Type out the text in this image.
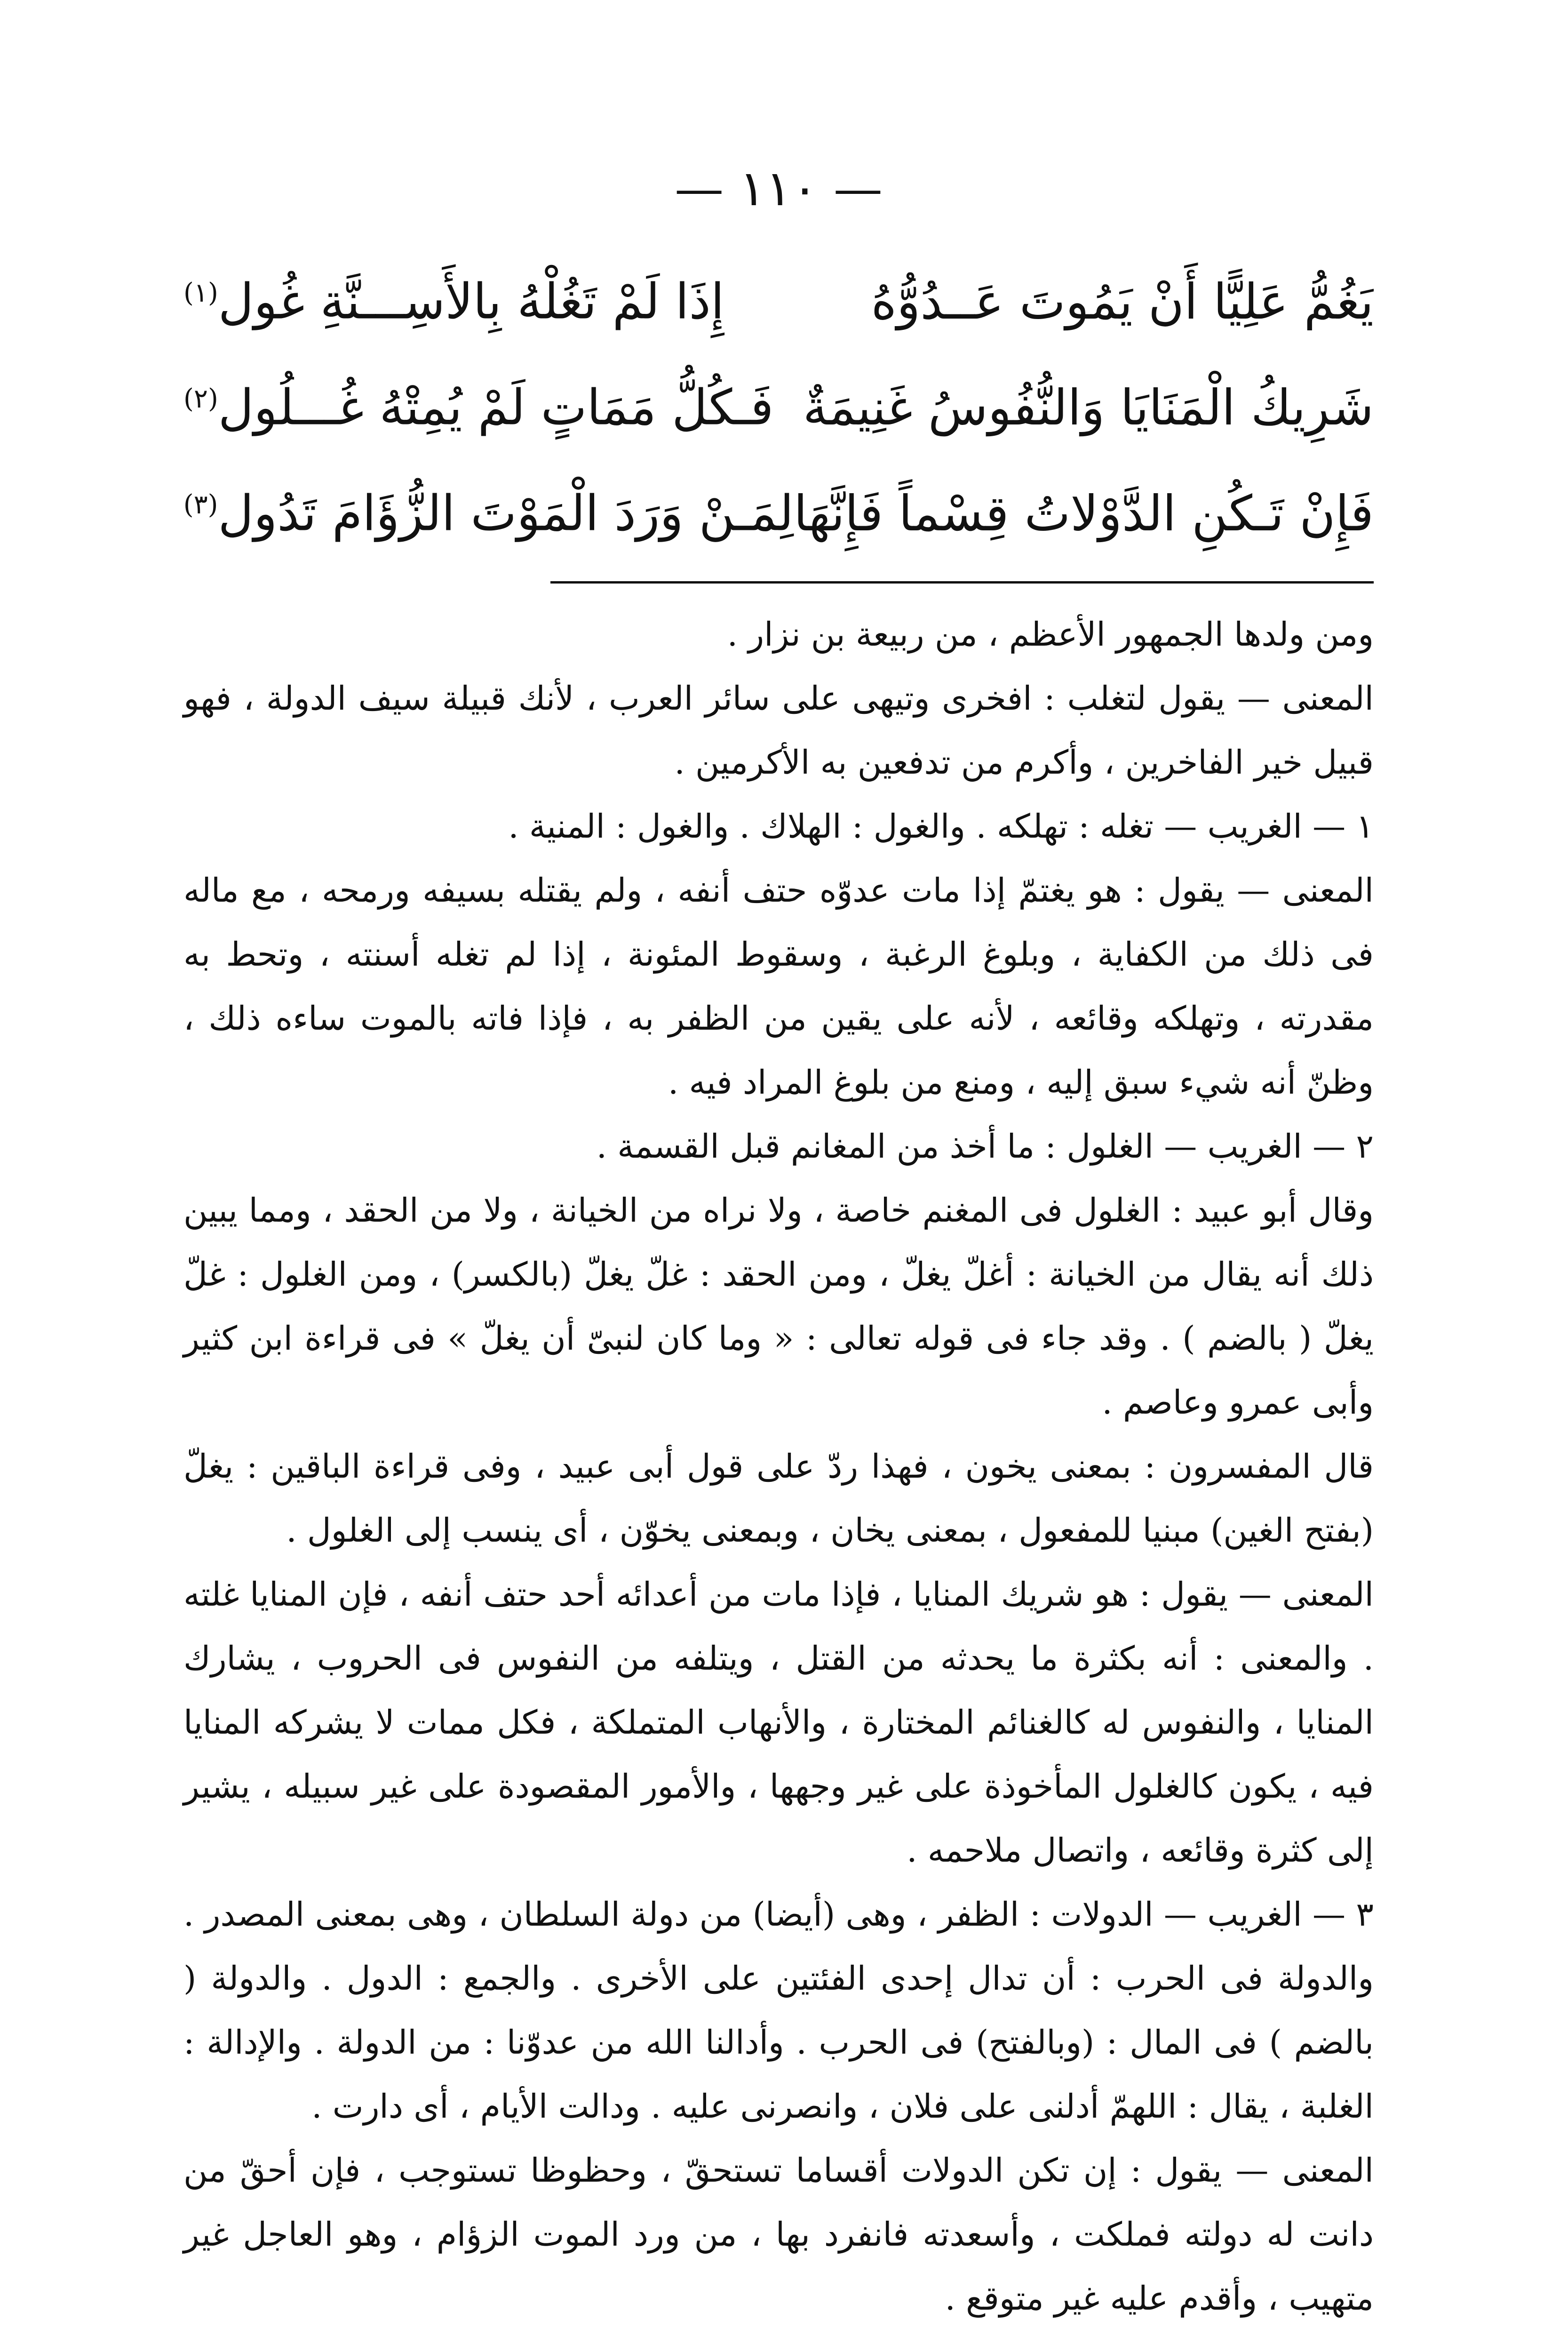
— ١١٠ —
يَغُمُّ عَلِيًّا أَنْ يَمُوتَ عَــدُوُّهُ
إِذَا لَمْ تَغُلْهُ بِالأَسِـــنَّةِ غُول$^{(١)}$
شَرِيكُ الْمَنَايَا وَالنُّفُوسُ غَنِيمَةٌ
فَـكُلُّ مَمَاتٍ لَمْ يُمِتْهُ غُـــلُول$^{(٢)}$
فَإِنْ تَـكُنِ الدَّوْلاتُ قِسْماً فَإِنَّهَا
لِمَـنْ وَرَدَ الْمَوْتَ الزُّؤَامَ تَدُول$^{(٣)}$

ومن ولدها الجمهور الأعظم ، من ربيعة بن نزار .

المعنى — يقول لتغلب : افخرى وتيهى على سائر العرب ، لأنك قبيلة سيف الدولة ، فهو قبيل خير الفاخرين ، وأكرم من تدفعين به الأكرمين .

١ — الغريب — تغله : تهلكه . والغول : الهلاك . والغول : المنية .

المعنى — يقول : هو يغتمّ إذا مات عدوّه حتف أنفه ، ولم يقتله بسيفه ورمحه ، مع ماله فى ذلك من الكفاية ، وبلوغ الرغبة ، وسقوط المئونة ، إذا لم تغله أسنته ، وتحط به مقدرته ، وتهلكه وقائعه ، لأنه على يقين من الظفر به ، فإذا فاته بالموت ساءه ذلك ، وظنّ أنه شيء سبق إليه ، ومنع من بلوغ المراد فيه .

٢ — الغريب — الغلول : ما أخذ من المغانم قبل القسمة .

وقال أبو عبيد : الغلول فى المغنم خاصة ، ولا نراه من الخيانة ، ولا من الحقد ، ومما يبين ذلك أنه يقال من الخيانة : أغلّ يغلّ ، ومن الحقد : غلّ يغلّ (بالكسر) ، ومن الغلول : غلّ يغلّ ( بالضم ) . وقد جاء فى قوله تعالى : « وما كان لنبىّ أن يغلّ » فى قراءة ابن كثير وأبى عمرو وعاصم .

قال المفسرون : بمعنى يخون ، فهذا ردّ على قول أبى عبيد ، وفى قراءة الباقين : يغلّ (بفتح الغين) مبنيا للمفعول ، بمعنى يخان ، وبمعنى يخوّن ، أى ينسب إلى الغلول .

المعنى — يقول : هو شريك المنايا ، فإذا مات من أعدائه أحد حتف أنفه ، فإن المنايا غلته . والمعنى : أنه بكثرة ما يحدثه من القتل ، ويتلفه من النفوس فى الحروب ، يشارك المنايا ، والنفوس له كالغنائم المختارة ، والأنهاب المتملكة ، فكل ممات لا يشركه المنايا فيه ، يكون كالغلول المأخوذة على غير وجهها ، والأمور المقصودة على غير سبيله ، يشير إلى كثرة وقائعه ، واتصال ملاحمه .

٣ — الغريب — الدولات : الظفر ، وهى (أيضا) من دولة السلطان ، وهى بمعنى المصدر . والدولة فى الحرب : أن تدال إحدى الفئتين على الأخرى . والجمع : الدول . والدولة ( بالضم ) فى المال : (وبالفتح) فى الحرب . وأدالنا الله من عدوّنا : من الدولة . والإدالة : الغلبة ، يقال : اللهمّ أدلنى على فلان ، وانصرنى عليه . ودالت الأيام ، أى دارت .

المعنى — يقول : إن تكن الدولات أقساما تستحقّ ، وحظوظا تستوجب ، فإن أحقّ من دانت له دولته فملكت ، وأسعدته فانفرد بها ، من ورد الموت الزؤام ، وهو العاجل غير متهيب ، وأقدم عليه غير متوقع .
